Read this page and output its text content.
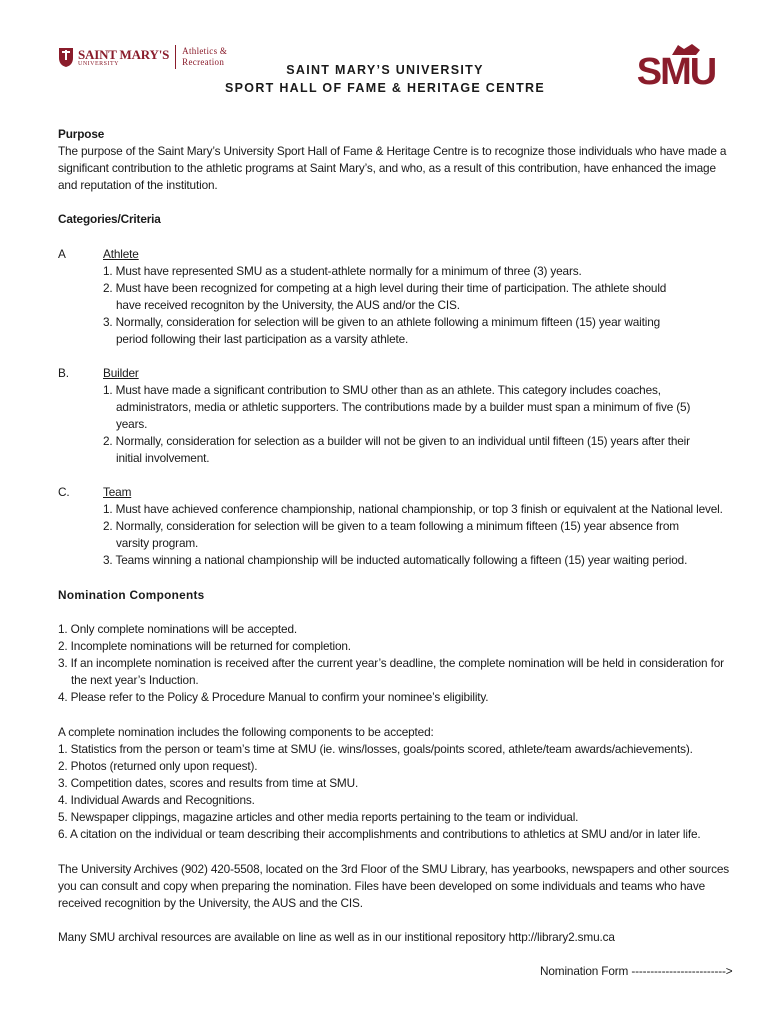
SAINT MARY'S
UNIVERSITY
Athletics &
Recreation	SMU
SAINT MARY’S UNIVERSITY
SPORT HALL OF FAME & HERITAGE CENTRE
Purpose
The purpose of the Saint Mary’s University Sport Hall of Fame & Heritage Centre is to recognize those individuals who have made a significant contribution to the athletic programs at Saint Mary’s, and who, as a result of this contribution, have enhanced the image and reputation of the institution.
Categories/Criteria
A	Athlete
1. Must have represented SMU as a student-athlete normally for a minimum of three (3) years.
2. Must have been recognized for competing at a high level during their time of participation. The athlete should
have received recogniton by the University, the AUS and/or the CIS.
3. Normally, consideration for selection will be given to an athlete following a minimum fifteen (15) year waiting
period following their last participation as a varsity athlete.
B.	Builder
1. Must have made a significant contribution to SMU other than as an athlete. This category includes coaches,
administrators, media or athletic supporters. The contributions made by a builder must span a minimum of five (5)
years.
2. Normally, consideration for selection as a builder will not be given to an individual until fifteen (15) years after their
initial involvement.
C.	Team
1. Must have achieved conference championship, national championship, or top 3 finish or equivalent at the National level.
2. Normally, consideration for selection will be given to a team following a minimum fifteen (15) year absence from
varsity program.
3. Teams winning a national championship will be inducted automatically following a fifteen (15) year waiting period.
Nomination Components
1. Only complete nominations will be accepted.
2. Incomplete nominations will be returned for completion.
3. If an incomplete nomination is received after the current year’s deadline, the complete nomination will be held in consideration for
the next year’s Induction.
4. Please refer to the Policy & Procedure Manual to confirm your nominee’s eligibility.
A complete nomination includes the following components to be accepted:
1. Statistics from the person or team’s time at SMU (ie. wins/losses, goals/points scored, athlete/team awards/achievements).
2. Photos (returned only upon request).
3. Competition dates, scores and results from time at SMU.
4. Individual Awards and Recognitions.
5. Newspaper clippings, magazine articles and other media reports pertaining to the team or individual.
6. A citation on the individual or team describing their accomplishments and contributions to athletics at SMU and/or in later life.
The University Archives (902) 420-5508, located on the 3rd Floor of the SMU Library, has yearbooks, newspapers and other sources you can consult and copy when preparing the nomination. Files have been developed on some individuals and teams who have received recognition by the University, the AUS and the CIS.
Many SMU archival resources are available on line as well as in our institional repository http://library2.smu.ca
Nomination Form ------------------------->
